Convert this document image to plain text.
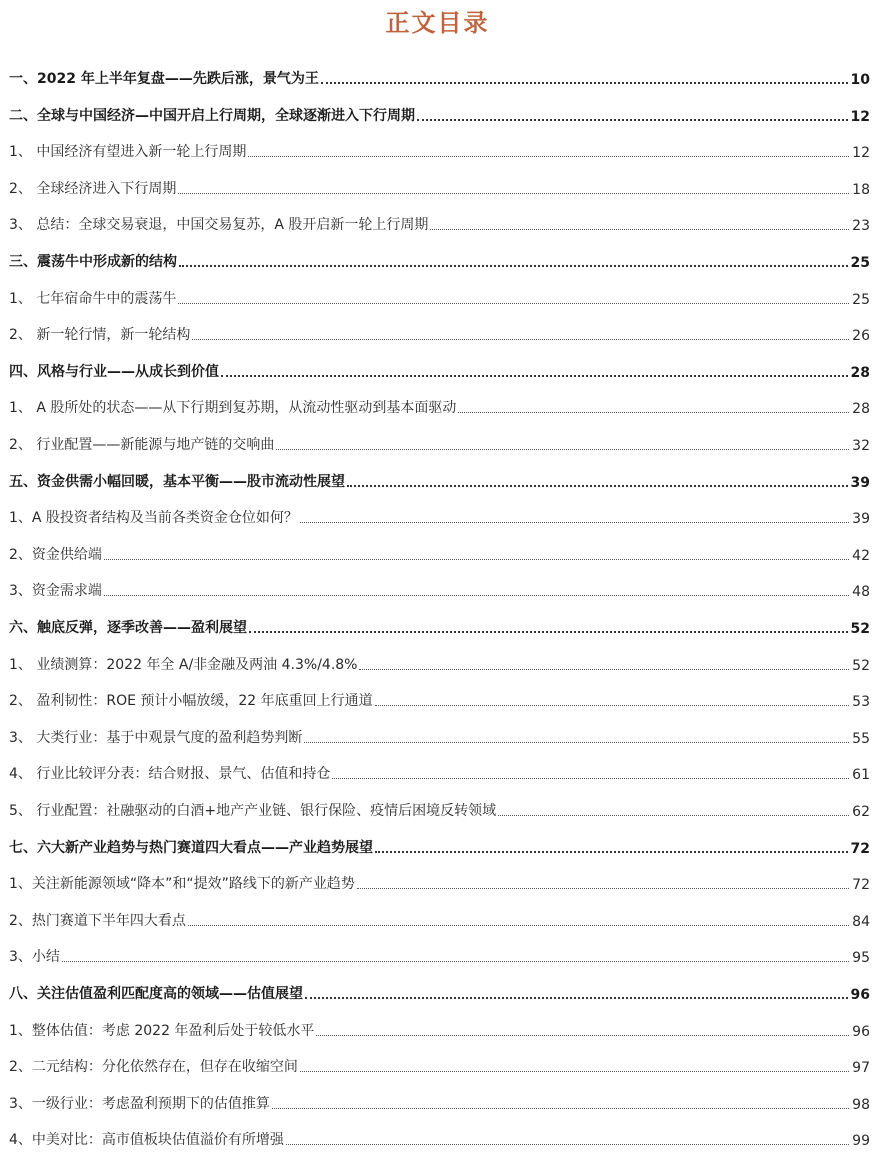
正文目录
一、2022 年上半年复盘——先跌后涨，景气为王	10
二、全球与中国经济—中国开启上行周期，全球逐渐进入下行周期	12
1、 中国经济有望进入新一轮上行周期	12
2、 全球经济进入下行周期	18
3、 总结：全球交易衰退，中国交易复苏，A 股开启新一轮上行周期	23
三、震荡牛中形成新的结构	25
1、 七年宿命牛中的震荡牛	25
2、 新一轮行情，新一轮结构	26
四、风格与行业——从成长到价值	28
1、 A 股所处的状态——从下行期到复苏期，从流动性驱动到基本面驱动	28
2、 行业配置——新能源与地产链的交响曲	32
五、资金供需小幅回暖，基本平衡——股市流动性展望	39
1、A 股投资者结构及当前各类资金仓位如何？	39
2、资金供给端	42
3、资金需求端	48
六、触底反弹，逐季改善——盈利展望	52
1、 业绩测算：2022 年全 A/非金融及两油 4.3%/4.8%	52
2、 盈利韧性：ROE 预计小幅放缓，22 年底重回上行通道	53
3、 大类行业：基于中观景气度的盈利趋势判断	55
4、 行业比较评分表：结合财报、景气、估值和持仓	61
5、 行业配置：社融驱动的白酒+地产产业链、银行保险、疫情后困境反转领域	62
七、六大新产业趋势与热门赛道四大看点——产业趋势展望	72
1、关注新能源领域“降本”和“提效”路线下的新产业趋势	72
2、热门赛道下半年四大看点	84
3、小结	95
八、关注估值盈利匹配度高的领域——估值展望	96
1、整体估值：考虑 2022 年盈利后处于较低水平	96
2、二元结构：分化依然存在，但存在收缩空间	97
3、一级行业：考虑盈利预期下的估值推算	98
4、中美对比：高市值板块估值溢价有所增强	99
